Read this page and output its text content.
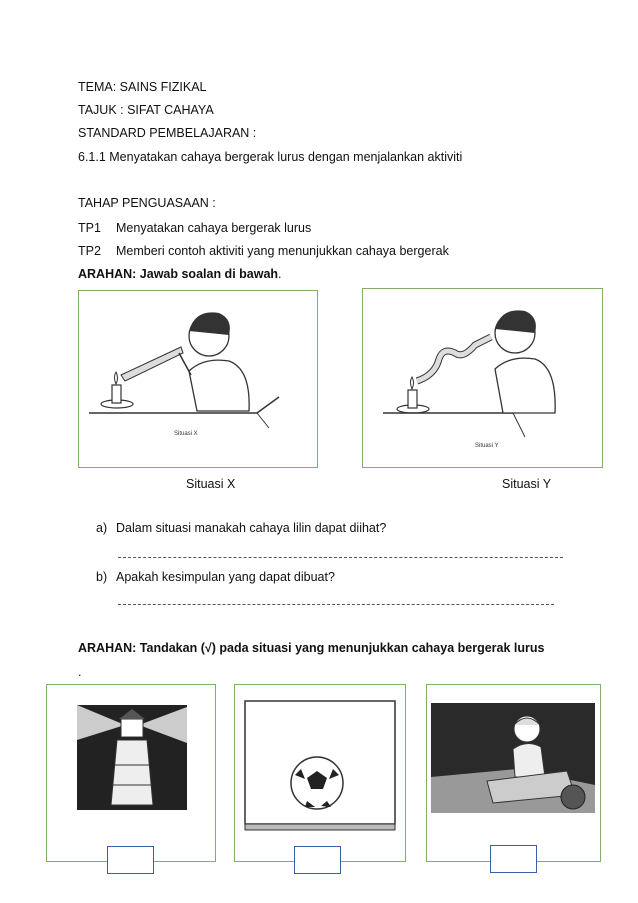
TEMA: SAINS FIZIKAL
TAJUK : SIFAT CAHAYA
STANDARD PEMBELAJARAN :
6.1.1 Menyatakan cahaya bergerak lurus dengan menjalankan aktiviti
TAHAP PENGUASAAN :
TP1 Menyatakan cahaya bergerak lurus
TP2 Memberi contoh aktiviti yang menunjukkan cahaya bergerak
ARAHAN: Jawab soalan di bawah.
Situasi X
Situasi Y
Situasi X	Situasi Y
a) Dalam situasi manakah cahaya lilin dapat diihat?
b) Apakah kesimpulan yang dapat dibuat?
ARAHAN: Tandakan (√) pada situasi yang menunjukkan cahaya bergerak lurus
.
